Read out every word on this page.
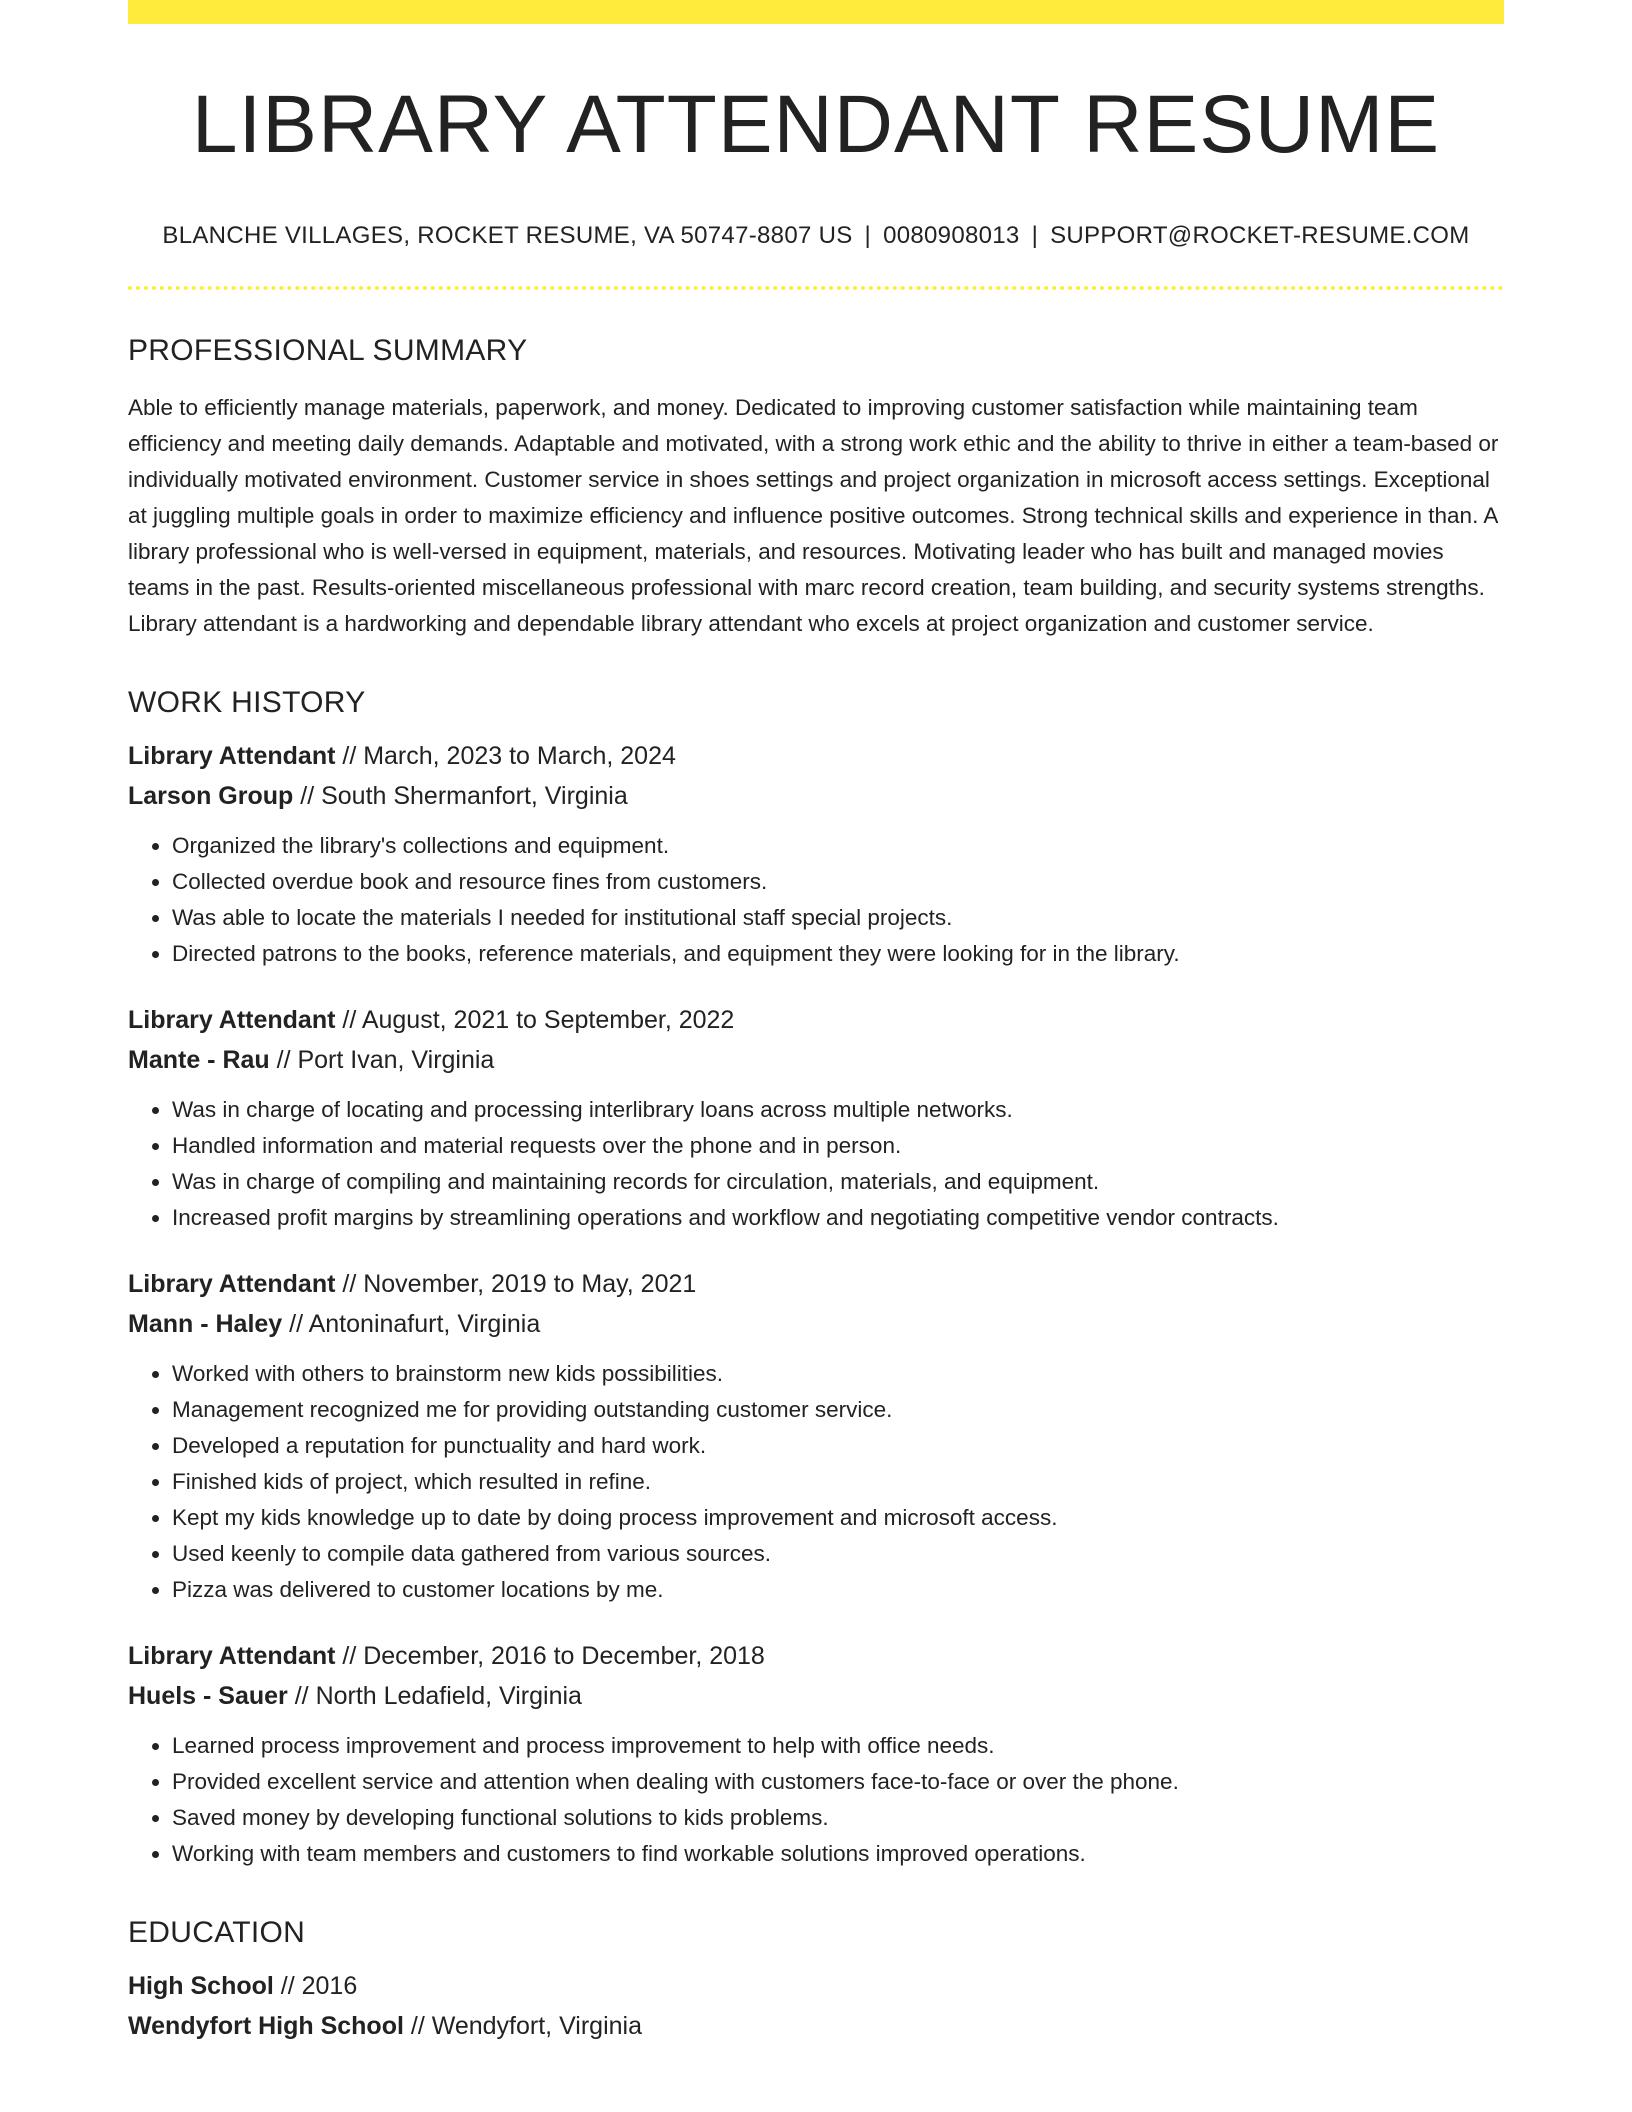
LIBRARY ATTENDANT RESUME
BLANCHE VILLAGES, ROCKET RESUME, VA 50747-8807 US | 0080908013 | SUPPORT@ROCKET-RESUME.COM
PROFESSIONAL SUMMARY
Able to efficiently manage materials, paperwork, and money. Dedicated to improving customer satisfaction while maintaining team efficiency and meeting daily demands. Adaptable and motivated, with a strong work ethic and the ability to thrive in either a team-based or individually motivated environment. Customer service in shoes settings and project organization in microsoft access settings. Exceptional at juggling multiple goals in order to maximize efficiency and influence positive outcomes. Strong technical skills and experience in than. A library professional who is well-versed in equipment, materials, and resources. Motivating leader who has built and managed movies teams in the past. Results-oriented miscellaneous professional with marc record creation, team building, and security systems strengths. Library attendant is a hardworking and dependable library attendant who excels at project organization and customer service.
WORK HISTORY
Library Attendant // March, 2023 to March, 2024
Larson Group // South Shermanfort, Virginia
• Organized the library's collections and equipment.
• Collected overdue book and resource fines from customers.
• Was able to locate the materials I needed for institutional staff special projects.
• Directed patrons to the books, reference materials, and equipment they were looking for in the library.
Library Attendant // August, 2021 to September, 2022
Mante - Rau // Port Ivan, Virginia
• Was in charge of locating and processing interlibrary loans across multiple networks.
• Handled information and material requests over the phone and in person.
• Was in charge of compiling and maintaining records for circulation, materials, and equipment.
• Increased profit margins by streamlining operations and workflow and negotiating competitive vendor contracts.
Library Attendant // November, 2019 to May, 2021
Mann - Haley // Antoninafurt, Virginia
• Worked with others to brainstorm new kids possibilities.
• Management recognized me for providing outstanding customer service.
• Developed a reputation for punctuality and hard work.
• Finished kids of project, which resulted in refine.
• Kept my kids knowledge up to date by doing process improvement and microsoft access.
• Used keenly to compile data gathered from various sources.
• Pizza was delivered to customer locations by me.
Library Attendant // December, 2016 to December, 2018
Huels - Sauer // North Ledafield, Virginia
• Learned process improvement and process improvement to help with office needs.
• Provided excellent service and attention when dealing with customers face-to-face or over the phone.
• Saved money by developing functional solutions to kids problems.
• Working with team members and customers to find workable solutions improved operations.
EDUCATION
High School // 2016
Wendyfort High School // Wendyfort, Virginia
